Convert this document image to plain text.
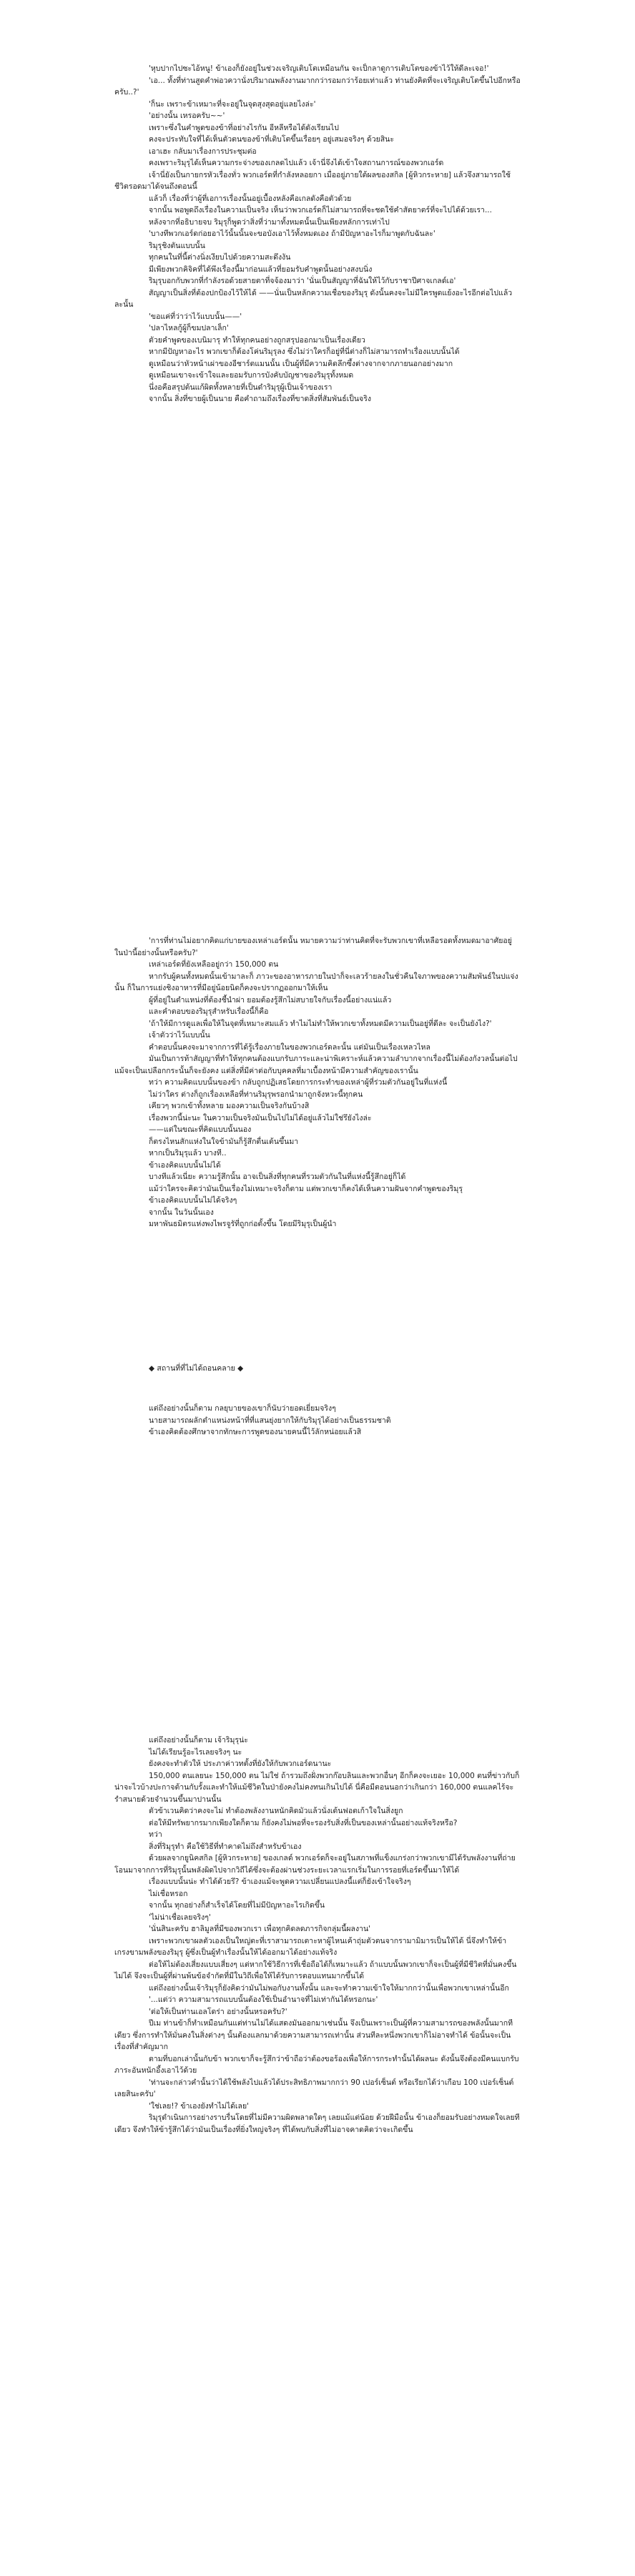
'หุบปากไปซะไอ้หนู! ข้าเองก็ยังอยู่ในช่วงเจริญเติบโตเหมือนกัน จะเป็กลาดูการเติบโตของข้าไว้ให้ดีละเจอ!'

'เอ... ทั้งที่ท่านสูดคำพ่อวควานั่งปริมาณพลังงานมากกว่ารอมกว่าร้อยเท่าแล้ว ท่านยังคิดที่จะเจริญเติบโตขึ้นไปอีกหรือครับ..?'

'ก็นะ เพราะข้าเหมาะที่จะอยู่ในจุดสุงสุดอยู่แลยไงล่ะ'

'อย่างนั้น เหรอครับ~~'

เพราะซึ่งในคำพูดของข้าที่อย่างไรกัน อีหลีหรือได้ดังเรียนไป

คงจะประทับใจที่ได้เห็นตัวตนของข้าที่เติบโตขึ้นเรื่อยๆ อยู่เสมอจริงๆ ด้วยสินะ

เอาเฮะ กลับมาเรื่องการประชุมต่อ

คงเพราะริมุรุได้เห็นความกระจ่างของเกลดไปแล้ว เจ้านี่จึงได้เข้าใจสถานการณ์ของพวกเอร์ด

เจ้านี่ยังเป็นกายกรหัวเรื่องทั่ว พวกเอร์ดที่กำลังหลอยกา เมื่ออยู่ภายใต้ผลของสกิล [ผู้หิวกระหาย] แล้วจึงสามารถใช้ชีวิตรอดมาได้จนถึงตอนนี้

แล้วก็ เรื่องที่ว่าผู้ที่เอการเรื่องนั้นอยู่เบื้องหลังคือเกลดังคือตัวด้วย

จากนั้น พอพูดถึงเรื่องในความเป็นจริง เห็นว่าพวกเอร์ดก็ไม่สามารถที่จะชดใช้คำสัตยาตร์ที่จะไปได้ด้วยเรา...

หลังจากที่อธิบายจบ ริมุรุก็พูดว่าสิ่งที่ว่ามาทั้งหมดนั้นเป็นเพียงหลักการเท่าไป

'บางทีพวกเอร์ดก่อยอาไว้นั้นนั้นจะขอบังเอาไว้ทั้งหมดเอง ถ้ามีปัญหาอะไรก็มาพูดกับฉันละ'

ริมุรุชิงตันแบบนั้น

ทุกคนในที่นี้ต่างนิ่งเงียบไปด้วยความสะดึงงัน

มีเพียงพวกคิจิคที่ได้พึงเรื่องนี้มาก่อนแล้วที่ยอมรับคำพูดนั้นอย่างสงบนิ่ง

ริมุรุบอกกับพวกที่กำลังรอด้วยสายตาที่จจ้องมาว่า 'นั่นเป็นสัญญาที่ฉันให้ไว้กับราชาปีศาจเกลด์เอ'

สัญญาเป็นสิ่งที่ต้องปกป้องไว้ให้ได้ ——นั่นเป็นหลักความเชื่อของริมุรุ ดังนั้นคงจะไม่มีใครพูดแย้งอะไรอีกต่อไปแล้วละนั้น

'ขอแค่ที่ว่าว่าไว้แบบนั้น——'

'ปลาไหลกู้ผู้ก็ขมปลาเล็ก'

ตัวยคำพูดของเบนิมารุ ทำให้ทุกคนอย่างถูกสรุปออกมาเป็นเรื่องเดียว

หากมีปัญหาอะไร พวกเขาก็ต้องโค่นริมุรุลง ซึ่งไม่ว่าใครก็อยู่ที่นี่ต่างก็ไม่สามารถทำเรื่องแบบนั้นได้

ดูเหมือนว่าหัวหน้าเผ่าของอีชาร์ตแมนนั้น เป็นผู้ที่มีความคิดลึกซึ้งต่างจากจากภายนอกอย่างมาก

ดูเหมือนเขาจะเข้าใจและยอมรับการบังคับบัญชาของริมุรุทั้งหมด

นึ่งอคือสรุปต้นแก้ผิดทั้งหลายที่เป็นดำริมุรุผู้เป็นเจ้าของเรา

จากนั้น สิ่งที่ขายผู้เป็นนาย คือคำถามถึงเรื่องที่ขาดสิ่งที่สัมพันธ์เป็นจริง

'การที่ท่านไม่อยากคิดแก่บายของเหล่าเอร์ดนั้น หมายความว่าท่านคิดที่จะรับพวกเขาที่เหลือรอดทั้งหมดมาอาศัยอยู่ในป่านี้อย่างนั้นหรือครับ?'

เหล่าเอร์ดที่ยังเหลืออยู่กว่า 150,000 ตน

หากรับผู้คนทั้งหมดนั้นเข้ามาละก็ ภาวะของอาหารภายในป่าก็จะเลวร้ายลงในชั่วคืนใจภาพของความสัมพันธ์ในปแจ่งนั้น ก็ในการแย่งชิงอาหารที่มีอยู่น้อยนิดก็คงจะปรากฏออกมาให้เห็น

ผู้ที่อยู่ในตำแหน่งที่ต้องชี้นำผ่า ยอมต้องรู้สึกไม่สบายใจกับเรื่องนี้อย่างแน่แล้ว

และคำตอบของริมุรุสำหรับเรื่องนี้ก็คือ

'ถ้าให้มีการดูแลเพื่อให้ในจุดที่เหมาะสมแล้ว ทำไมไม่ทำให้พวกเขาทั้งหมดมีความเป็นอยู่ที่ดีละ จะเป็นยังไง?'

เจ้าตัวว่าไว้แบบนั้น

คำตอบนั้นคงจะมาจากการที่ได้รู้เรื่องภายในของพวกเอร์ดละนั้น แต่มันเป็นเรื่องเหลวไหล

มันเป็นการท้าสัญญาที่ทำให้ทุกคนต้องแบกรับภาระและน่าพิเคราะห์แล้วความลำบากจากเรื่องนี้ไม่ต้องกังวลนั้นต่อไป แม้จะเป็นเปลือกกระนั้นก็จะยังคง แต่สิ่งที่มีค่าต่อกับบุคคลที่มาเบื้องหน้ามีความสำคัญของเรานั้น

ทว่า ความคิดแบบนั้นของข้า กลับถูกปฏิเสธโดยการกระทำของเหล่าผู้ที่ร่วมตัวกันอยู่ในที่แห่งนี้

ไม่ว่าใคร ต่างก็ถูกเรื่องเหลือที่ท่านริมุรุพรอกนำมาถูกจังหวะนี้ทุกคน

เคียวๆ พวกเข้าทั้งหลาย มองความเป็นจริงกันบ้างสิ

เรื่องพวกนี้น่ะนะ ในความเป็นจริงมันเป็นไปไม่ได้อยู่แล้วไม่ใช่รึยังไงล่ะ

——แต่ในขณะที่คิดแบบนั้นนอง

ก็ตรงไหนสักแห่งในใจข้ามันก็รู้สึกตื่นเต้นขึ้นมา

หากเป็นริมุรุแล้ว บางที..

ข้าเองคิดแบบนั้นไม่ได้

บางทีแล้วเนี่ยะ ความรู้สึกนั้น อาจเป็นสิ่งที่ทุกคนที่รวมตัวกันในที่แห่งนี้รู้สึกอยู่ก็ได้

แม้ว่าใครจะคิดว่ามันเป็นเรื่องไม่เหมาะจริงก็ตาม แต่พวกเขาก็คงได้เห็นความฝันจากคำพูดของริมุรุ

ข้าเองคิดแบบนั้นไม่ได้จริงๆ

จากนั้น ในวันนั้นเอง

มหาพันธมิตรแห่งพงไพรจูรัที่ถูกก่อตั้งขึ้น โดยมีริมุรุเป็นผู้นำ

◆ สถานที่ที่ไม่ได้ถอนคลาย ◆

แต่ถึงอย่างนั้นก็ตาม กลยุบายของเขาก็นับว่ายอดเยี่ยมจริงๆ

นายสามารถผลักตำแหน่งหน้าที่ที่แสนยุ่งยากให้กับริมุรุได้อย่างเป็นธรรมชาติ

ข้าเองคิดต้องศึกษาจากทักษะการพูดของนายคนนี้ไว้ลักหน่อยแล้วสิ

แต่ถึงอย่างนั้นก็ตาม เจ้าริมุรุน่ะ

ไม่ได้เรียนรู้อะไรเลยจริงๆ นะ

ยังคงจะทำตัวให้ ประภาค่าวทตั้งที่ยังให้กับพวกเอร์ดนานะ

150,000 ตนเลยนะ 150,000 ตน ไม่ใช่ ถ้ารวมถึงฝั่งพวกก๊อบลินและพวกอื่นๆ อีกก็คงจะเยอะ 10,000 ตนที่ข่าวกับก็น่าจะไวบ้างปะกาจต้านกับรั้งและทำให้แม้ชีวิตในป่ายังคงไม่คงทนเกินไปได้ นี่คือมีตอนนอกว่าเกินกว่า 160,000 ตนแลคไร้จะรำสนายด้วยจำนวนขึ้นมาปานนั้น

ตัวข้าเวนคิดว่าคงจะไม่ ทำต้องพลังงานหนักคิดมัวแล้วนั่งเต้นฟอตเก้าใจในสิ่งยูก

ต่อให้มีทรัพยากรมากเพียงใดก็ตาม ก็ยังคงไม่พอที่จะรองรับสิ่งที่เป็นของเหล่านั้นอย่างแท้จริงหรือ?

ทว่า

สิ่งที่ริมุรุทำ คือใช้วิธีที่ทำคาดไม่ถึงสำหรับข้าเอง

ด้วยผลจากยูนิคสกิล [ผู้หิวกระหาย] ของเกลด์ พวกเอร์ดก็จะอยู่ในสภาพที่แข็งแกร่งกว่าพวกเขามีได้รับพลังงานที่ถ่ายโอนมาจากการที่ริมุรุนั้นพลังผิดไปจากวิถีได้ซึ่งจะต้องผ่านช่วงระยะเวลาแรกเริ่มในการรอยที่เอร์ดขึ้นมาให้ได้

เรื่องแบบนั้นน่ะ ทำได้ด้วยรึ? ข้าเองแม้จะพูดความเปลี่ยนแปลงนี้แต่ก็ยังเข้าใจจริงๆ

ไม่เชื่อหรอก

จากนั้น ทุกอย่างก็สำเร็จได้โดยที่ไม่มีปัญหาอะไรเกิดขึ้น

'ไม่น่าเชื่อเลยจริงๆ'

'นั่นสินะครับ ฮาลิมูลที่มีของพวกเรา เพื่อทุกคิดลดภารกิจกลุ่มนี้ผลงาน'

เพราะพวกเขาผลตัวเองเป็นใหญ่ตะที่เราสามารถเตาะหาผู้ไหนเค้าถุ่มตัวตนจากรามามิมารเป็นให้ได้ นี่จึงทำให้ข้าเกรงขามพลังของริมุรุ ผู้ซึ่งเป็นผู้ทำเรื่องนั้นให้ได้ออกมาได้อย่างแท้จริง

ต่อให้ไม่ต้องเสี่ยงแบบเสี่ยงๆ แต่หากใช้วิธีการที่เชื่อถือได้ก็เหมาะแล้ว ถ้าแบบนั้นพวกเขาก็จะเป็นผู้ที่มีชีวิตที่มั่นคงขึ้นไม่ได้ จึงจะเป็นผู้ที่ผ่านพ้นข้อจำกัดที่มีในวิถีเพื่อให้ได้รับการตอบแทนมากขึ้นได้

แต่ถึงอย่างนั้นเจ้าริมุรุก็ยังคิดว่ามันไม่พอกับงานทั้งนั้น และจะทำความเข้าใจให้มากกว่านั้นเพื่อพวกเขาเหล่านั้นอีก

'...แต่ว่า ความสามารถแบบนั้นต้องใช้เป็นอำนาจที่ไม่เท่ากันได้หรอกนะ'

'ต่อให้เป็นท่านเอลโดร่า อย่างนั้นหรอครับ?'

ปีเม ท่านข้าก็ทำเหมือนกันแต่ท่านไม่ได้แสดงมันออกมาเช่นนั้น จึงเป็นเพราะเป็นผู้ที่ความสามารถของพลังนั้นมากทีเดียว ซึ่งการทำให้มั่นคงในสิ่งต่างๆ นั้นต้องแลกมาด้วยความสามารถเท่านั้น ส่วนทีละหนึ่งพวกเขาก็ไม่อาจทำได้ ข้อนั้นจะเป็นเรื่องที่สำคัญมาก

ตามที่บอกเล่านั้นกับข้า พวกเขาก็จะรู้สึกว่าข้าถือว่าต้องขอร้องเพื่อให้การกระทำนั้นได้ผลนะ ดังนั้นจึงต้องมีคนแบกรับภาระอันหนักอึ้งเอาไว้ด้วย

'ท่านจะกล่าวคำนั้นว่าได้ใช้พลังไปแล้วได้ประสิทธิภาพมากกว่า 90 เปอร์เซ็นต์ หรือเรียกได้ว่าเกือบ 100 เปอร์เซ็นต์เลยสินะครับ'

'ใช่เลย!? ข้าเองยังทำไม่ได้เลย'

ริมุรุดำเนินการอย่างราบรื่นโดยที่ไม่มีความผิดพลาดใดๆ เลยแม้แต่น้อย ด้วยฝีมือนั้น ข้าเองก็ยอมรับอย่างหมดใจเลยทีเดียว จึงทำให้ข้ารู้สึกได้ว่ามันเป็นเรื่องที่ยิ่งใหญ่จริงๆ ที่ได้พบกับสิ่งที่ไม่อาจคาดคิดว่าจะเกิดขึ้น
